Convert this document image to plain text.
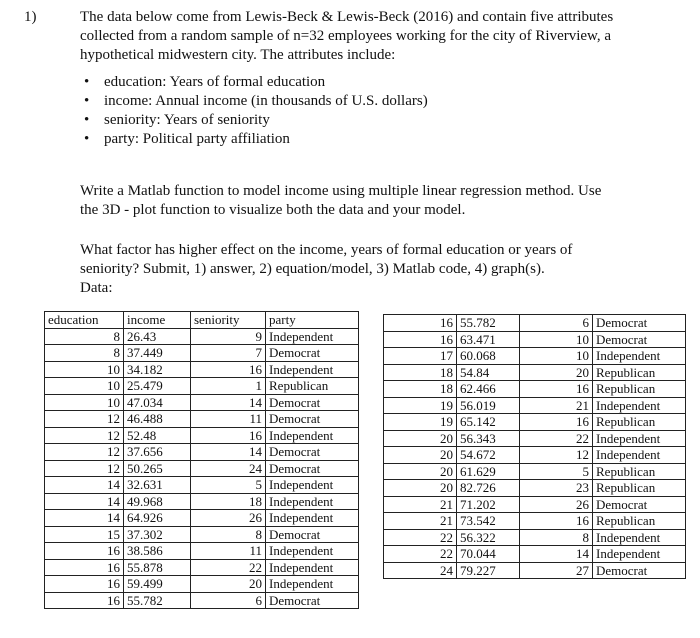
1)	The data below come from Lewis-Beck & Lewis-Beck (2016) and contain five attributes
collected from a random sample of n=32 employees working for the city of Riverview, a
hypothetical midwestern city. The attributes include:

• education: Years of formal education
• income: Annual income (in thousands of U.S. dollars)
• seniority: Years of seniority
• party: Political party affiliation

Write a Matlab function to model income using multiple linear regression method. Use
the 3D - plot function to visualize both the data and your model.

What factor has higher effect on the income, years of formal education or years of
seniority? Submit, 1) answer, 2) equation/model, 3) Matlab code, 4) graph(s).
Data:

education	income	seniority	party
8	26.43	9	Independent
8	37.449	7	Democrat
10	34.182	16	Independent
10	25.479	1	Republican
10	47.034	14	Democrat
12	46.488	11	Democrat
12	52.48	16	Independent
12	37.656	14	Democrat
12	50.265	24	Democrat
14	32.631	5	Independent
14	49.968	18	Independent
14	64.926	26	Independent
15	37.302	8	Democrat
16	38.586	11	Independent
16	55.878	22	Independent
16	59.499	20	Independent
16	55.782	6	Democrat
16	55.782	6	Democrat
16	63.471	10	Democrat
17	60.068	10	Independent
18	54.84	20	Republican
18	62.466	16	Republican
19	56.019	21	Independent
19	65.142	16	Republican
20	56.343	22	Independent
20	54.672	12	Independent
20	61.629	5	Republican
20	82.726	23	Republican
21	71.202	26	Democrat
21	73.542	16	Republican
22	56.322	8	Independent
22	70.044	14	Independent
24	79.227	27	Democrat
